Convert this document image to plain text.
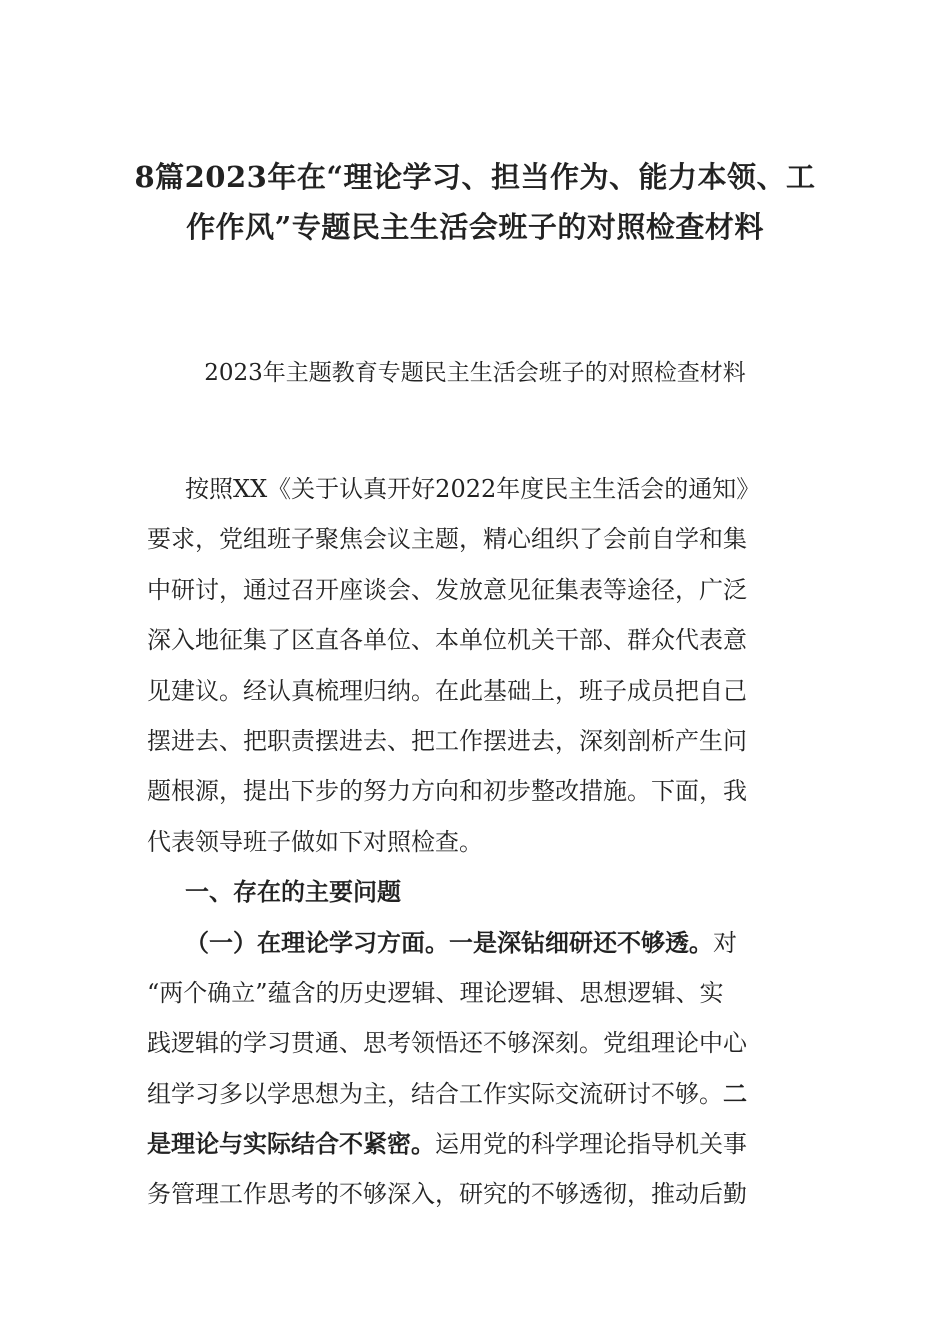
8篇2023年在“理论学习、担当作为、能力本领、工
作作风”专题民主生活会班子的对照检查材料

2023年主题教育专题民主生活会班子的对照检查材料

按照XX《关于认真开好2022年度民主生活会的通知》
要求，党组班子聚焦会议主题，精心组织了会前自学和集
中研讨，通过召开座谈会、发放意见征集表等途径，广泛
深入地征集了区直各单位、本单位机关干部、群众代表意
见建议。经认真梳理归纳。在此基础上，班子成员把自己
摆进去、把职责摆进去、把工作摆进去，深刻剖析产生问
题根源，提出下步的努力方向和初步整改措施。下面，我
代表领导班子做如下对照检查。
一、存在的主要问题
（一）在理论学习方面。一是深钻细研还不够透。对
“两个确立”蕴含的历史逻辑、理论逻辑、思想逻辑、实
践逻辑的学习贯通、思考领悟还不够深刻。党组理论中心
组学习多以学思想为主，结合工作实际交流研讨不够。二
是理论与实际结合不紧密。运用党的科学理论指导机关事
务管理工作思考的不够深入，研究的不够透彻，推动后勤
